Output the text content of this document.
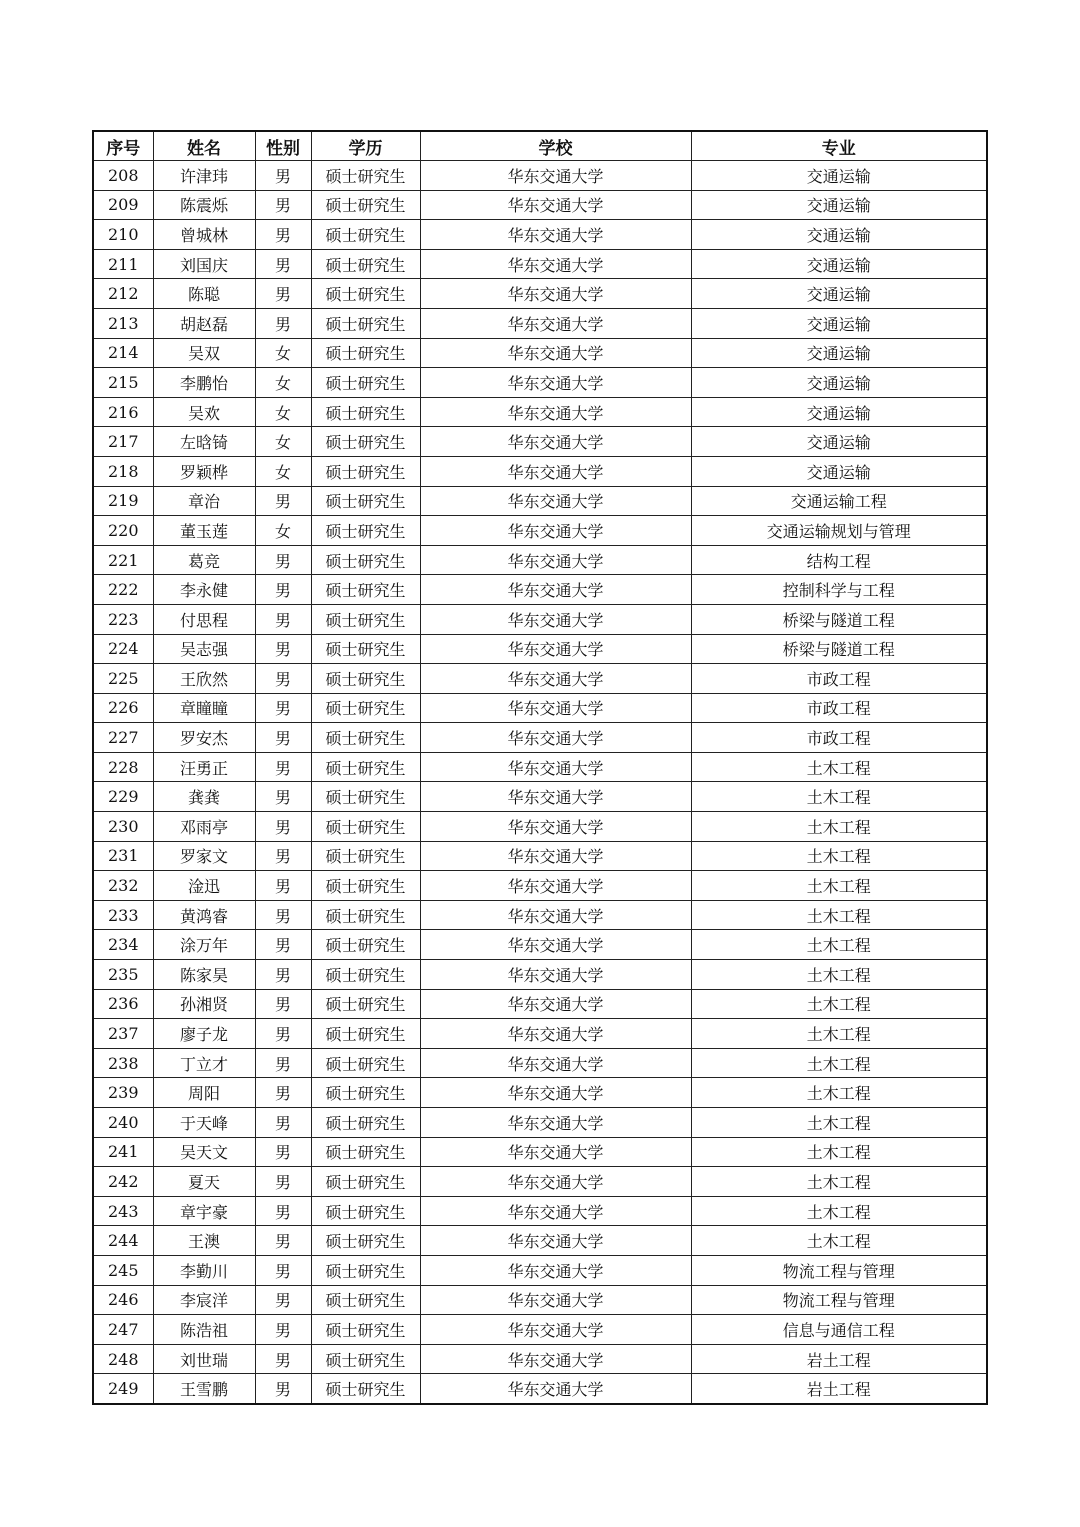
序号	姓名	性别	学历	学校	专业
208	许津玮	男	硕士研究生	华东交通大学	交通运输
209	陈震烁	男	硕士研究生	华东交通大学	交通运输
210	曾城林	男	硕士研究生	华东交通大学	交通运输
211	刘国庆	男	硕士研究生	华东交通大学	交通运输
212	陈聪	男	硕士研究生	华东交通大学	交通运输
213	胡赵磊	男	硕士研究生	华东交通大学	交通运输
214	吴双	女	硕士研究生	华东交通大学	交通运输
215	李鹏怡	女	硕士研究生	华东交通大学	交通运输
216	吴欢	女	硕士研究生	华东交通大学	交通运输
217	左晗锜	女	硕士研究生	华东交通大学	交通运输
218	罗颖桦	女	硕士研究生	华东交通大学	交通运输
219	章治	男	硕士研究生	华东交通大学	交通运输工程
220	董玉莲	女	硕士研究生	华东交通大学	交通运输规划与管理
221	葛竞	男	硕士研究生	华东交通大学	结构工程
222	李永健	男	硕士研究生	华东交通大学	控制科学与工程
223	付思程	男	硕士研究生	华东交通大学	桥梁与隧道工程
224	吴志强	男	硕士研究生	华东交通大学	桥梁与隧道工程
225	王欣然	男	硕士研究生	华东交通大学	市政工程
226	章瞳瞳	男	硕士研究生	华东交通大学	市政工程
227	罗安杰	男	硕士研究生	华东交通大学	市政工程
228	汪勇正	男	硕士研究生	华东交通大学	土木工程
229	龚龚	男	硕士研究生	华东交通大学	土木工程
230	邓雨亭	男	硕士研究生	华东交通大学	土木工程
231	罗家文	男	硕士研究生	华东交通大学	土木工程
232	淦迅	男	硕士研究生	华东交通大学	土木工程
233	黄鸿睿	男	硕士研究生	华东交通大学	土木工程
234	涂万年	男	硕士研究生	华东交通大学	土木工程
235	陈家昊	男	硕士研究生	华东交通大学	土木工程
236	孙湘贤	男	硕士研究生	华东交通大学	土木工程
237	廖子龙	男	硕士研究生	华东交通大学	土木工程
238	丁立才	男	硕士研究生	华东交通大学	土木工程
239	周阳	男	硕士研究生	华东交通大学	土木工程
240	于天峰	男	硕士研究生	华东交通大学	土木工程
241	吴天文	男	硕士研究生	华东交通大学	土木工程
242	夏天	男	硕士研究生	华东交通大学	土木工程
243	章宇豪	男	硕士研究生	华东交通大学	土木工程
244	王澳	男	硕士研究生	华东交通大学	土木工程
245	李勤川	男	硕士研究生	华东交通大学	物流工程与管理
246	李宸洋	男	硕士研究生	华东交通大学	物流工程与管理
247	陈浩祖	男	硕士研究生	华东交通大学	信息与通信工程
248	刘世瑞	男	硕士研究生	华东交通大学	岩土工程
249	王雪鹏	男	硕士研究生	华东交通大学	岩土工程
